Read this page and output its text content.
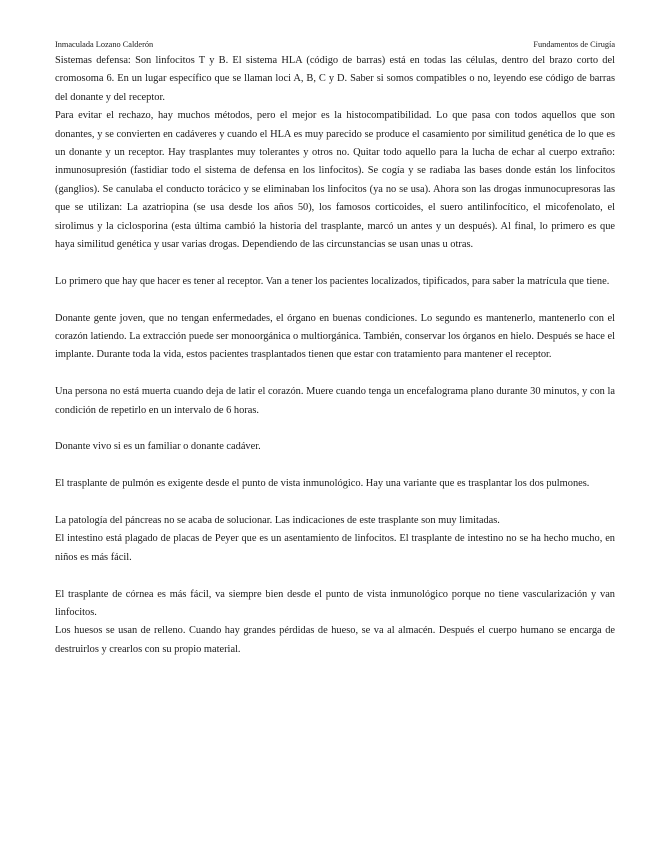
Inmaculada Lozano Calderón	Fundamentos de Cirugía

Sistemas defensa: Son linfocitos T y B. El sistema HLA (código de barras) está en todas las células, dentro del brazo corto del cromosoma 6. En un lugar específico que se llaman loci A, B, C y D. Saber si somos compatibles o no, leyendo ese código de barras del donante y del receptor.

Para evitar el rechazo, hay muchos métodos, pero el mejor es la histocompatibilidad. Lo que pasa con todos aquellos que son donantes, y se convierten en cadáveres y cuando el HLA es muy parecido se produce el casamiento por similitud genética de lo que es un donante y un receptor. Hay trasplantes muy tolerantes y otros no. Quitar todo aquello para la lucha de echar al cuerpo extraño: inmunosupresión (fastidiar todo el sistema de defensa en los linfocitos). Se cogía y se radiaba las bases donde están los linfocitos (ganglios). Se canulaba el conducto torácico y se eliminaban los linfocitos (ya no se usa). Ahora son las drogas inmunocupresoras las que se utilizan: La azatriopina (se usa desde los años 50), los famosos corticoides, el suero antilinfocítico, el micofenolato, el sirolimus y la ciclosporina (esta última cambió la historia del trasplante, marcó un antes y un después). Al final, lo primero es que haya similitud genética y usar varias drogas. Dependiendo de las circunstancias se usan unas u otras.

Lo primero que hay que hacer es tener al receptor. Van a tener los pacientes localizados, tipificados, para saber la matrícula que tiene.

Donante gente joven, que no tengan enfermedades, el órgano en buenas condiciones. Lo segundo es mantenerlo, mantenerlo con el corazón latiendo. La extracción puede ser monoorgánica o multiorgánica. También, conservar los órganos en hielo. Después se hace el implante. Durante toda la vida, estos pacientes trasplantados tienen que estar con tratamiento para mantener el receptor.

Una persona no está muerta cuando deja de latir el corazón. Muere cuando tenga un encefalograma plano durante 30 minutos, y con la condición de repetirlo en un intervalo de 6 horas.

Donante vivo si es un familiar o donante cadáver.

El trasplante de pulmón es exigente desde el punto de vista inmunológico. Hay una variante que es trasplantar los dos pulmones.

La patología del páncreas no se acaba de solucionar. Las indicaciones de este trasplante son muy limitadas.

El intestino está plagado de placas de Peyer que es un asentamiento de linfocitos. El trasplante de intestino no se ha hecho mucho, en niños es más fácil.

El trasplante de córnea es más fácil, va siempre bien desde el punto de vista inmunológico porque no tiene vascularización y van linfocitos.

Los huesos se usan de relleno. Cuando hay grandes pérdidas de hueso, se va al almacén. Después el cuerpo humano se encarga de destruirlos y crearlos con su propio material.
